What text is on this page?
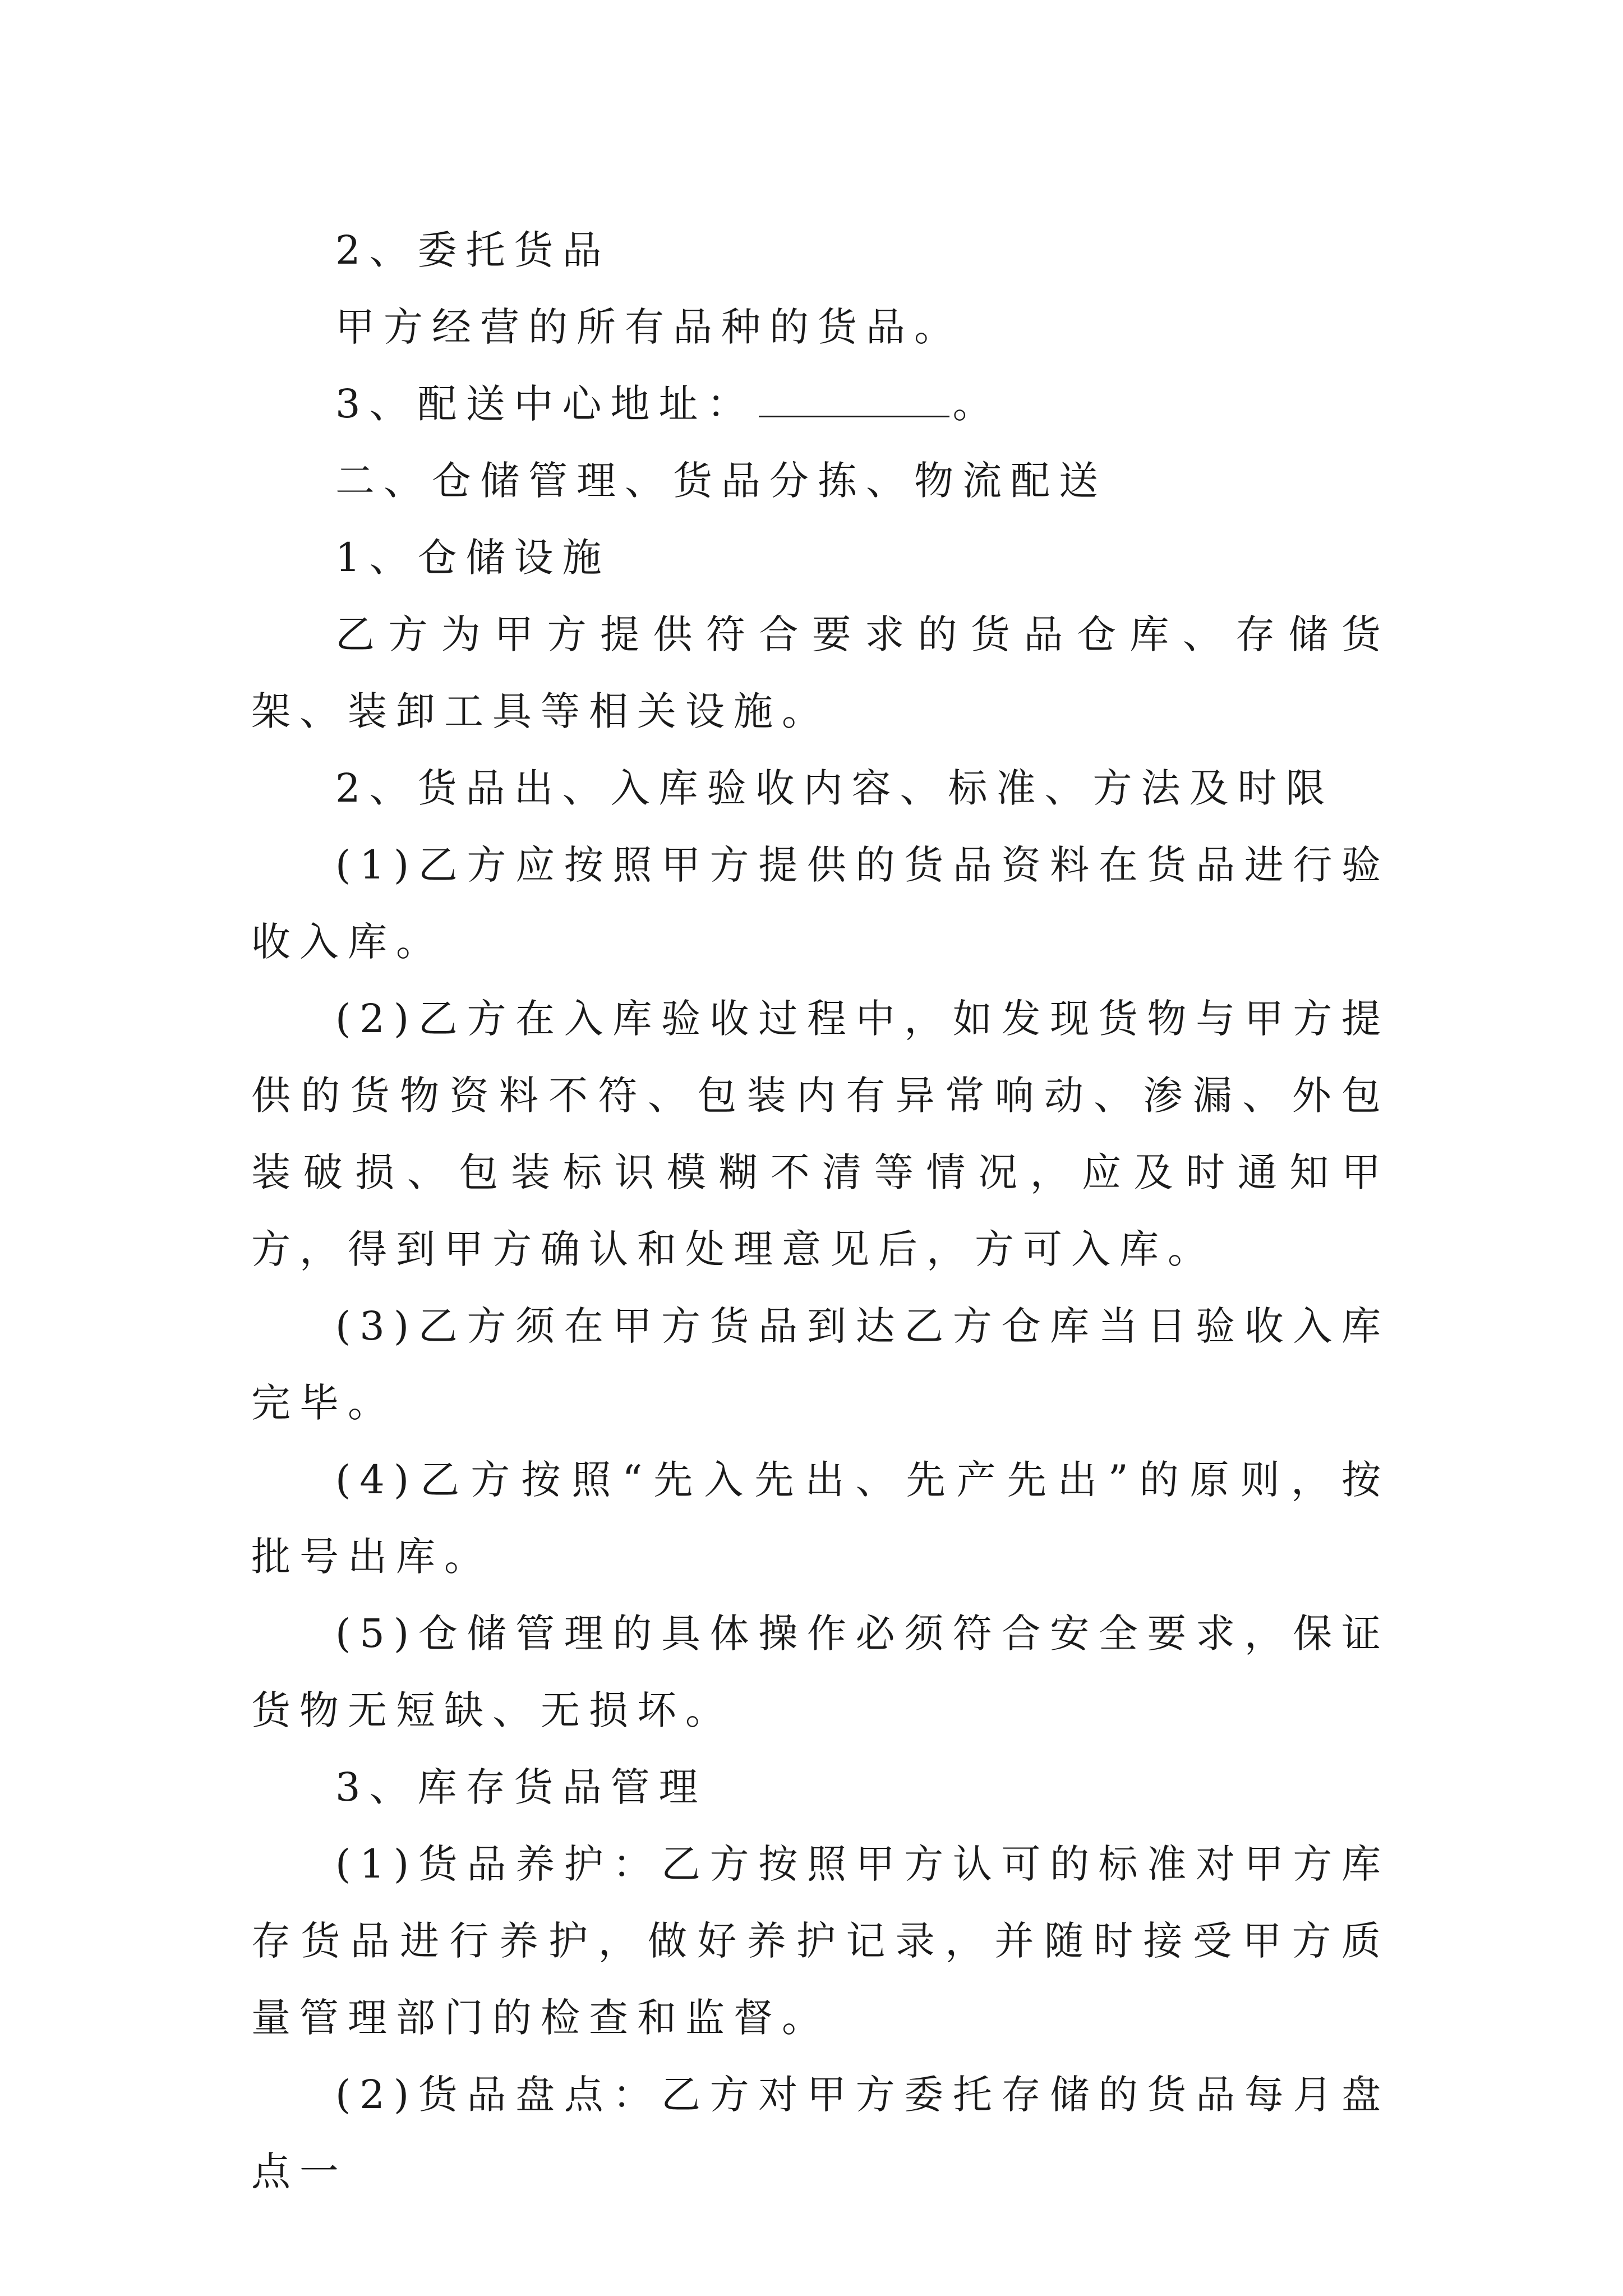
2、委托货品

甲方经营的所有品种的货品。

3、配送中心地址：	。

二、仓储管理、货品分拣、物流配送

1、仓储设施

乙方为甲方提供符合要求的货品仓库、存储货架、装卸工具等相关设施。

2、货品出、入库验收内容、标准、方法及时限

(1)乙方应按照甲方提供的货品资料在货品进行验收入库。

(2)乙方在入库验收过程中，如发现货物与甲方提供的货物资料不符、包装内有异常响动、渗漏、外包装破损、包装标识模糊不清等情况，应及时通知甲方，得到甲方确认和处理意见后，方可入库。

(3)乙方须在甲方货品到达乙方仓库当日验收入库完毕。

(4)乙方按照“先入先出、先产先出”的原则，按批号出库。

(5)仓储管理的具体操作必须符合安全要求，保证货物无短缺、无损坏。

3、库存货品管理

(1)货品养护：乙方按照甲方认可的标准对甲方库存货品进行养护，做好养护记录，并随时接受甲方质量管理部门的检查和监督。

(2)货品盘点：乙方对甲方委托存储的货品每月盘点一
